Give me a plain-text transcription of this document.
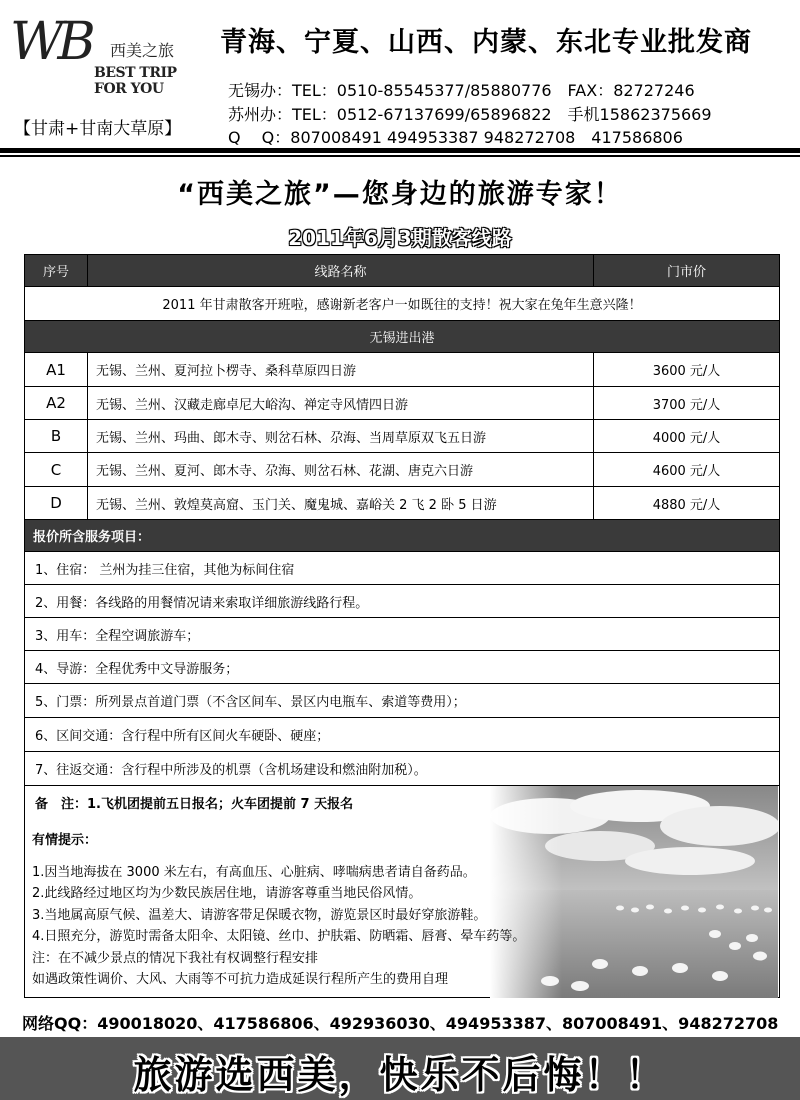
WB 西美之旅
BEST TRIP FOR YOU
【甘肃+甘南大草原】
青海、宁夏、山西、内蒙、东北专业批发商
无锡办：TEL：0510-85545377/85880776　FAX：82727246
苏州办：TEL：0512-67137699/65896822　手机15862375669
Q　 Q：807008491 494953387 948272708　417586806
“西美之旅”—您身边的旅游专家！
2011年6月3期散客线路
序号	线路名称	门市价
2011 年甘肃散客开班啦，感谢新老客户一如既往的支持！祝大家在兔年生意兴隆！
无锡进出港
A1	无锡、兰州、夏河拉卜楞寺、桑科草原四日游	3600 元/人
A2	无锡、兰州、汉藏走廊卓尼大峪沟、禅定寺风情四日游	3700 元/人
B	无锡、兰州、玛曲、郎木寺、则岔石林、尕海、当周草原双飞五日游	4000 元/人
C	无锡、兰州、夏河、郎木寺、尕海、则岔石林、花湖、唐克六日游	4600 元/人
D	无锡、兰州、敦煌莫高窟、玉门关、魔鬼城、嘉峪关 2 飞 2 卧 5 日游	4880 元/人
报价所含服务项目：
1、住宿： 兰州为挂三住宿，其他为标间住宿
2、用餐：各线路的用餐情况请来索取详细旅游线路行程。
3、用车：全程空调旅游车；
4、导游：全程优秀中文导游服务；
5、门票：所列景点首道门票（不含区间车、景区内电瓶车、索道等费用）；
6、区间交通：含行程中所有区间火车硬卧、硬座；
7、往返交通：含行程中所涉及的机票（含机场建设和燃油附加税）。
备　注：1.飞机团提前五日报名；火车团提前 7 天报名
有情提示：
1.因当地海拔在 3000 米左右，有高血压、心脏病、哮喘病患者请自备药品。
2.此线路经过地区均为少数民族居住地，请游客尊重当地民俗风情。
3.当地属高原气候、温差大、请游客带足保暖衣物，游览景区时最好穿旅游鞋。
4.日照充分，游览时需备太阳伞、太阳镜、丝巾、护肤霜、防晒霜、唇膏、晕车药等。
注：在不减少景点的情况下我社有权调整行程安排
如遇政策性调价、大风、大雨等不可抗力造成延误行程所产生的费用自理
网络QQ：490018020、417586806、492936030、494953387、807008491、948272708
旅游选西美，快乐不后悔！！
